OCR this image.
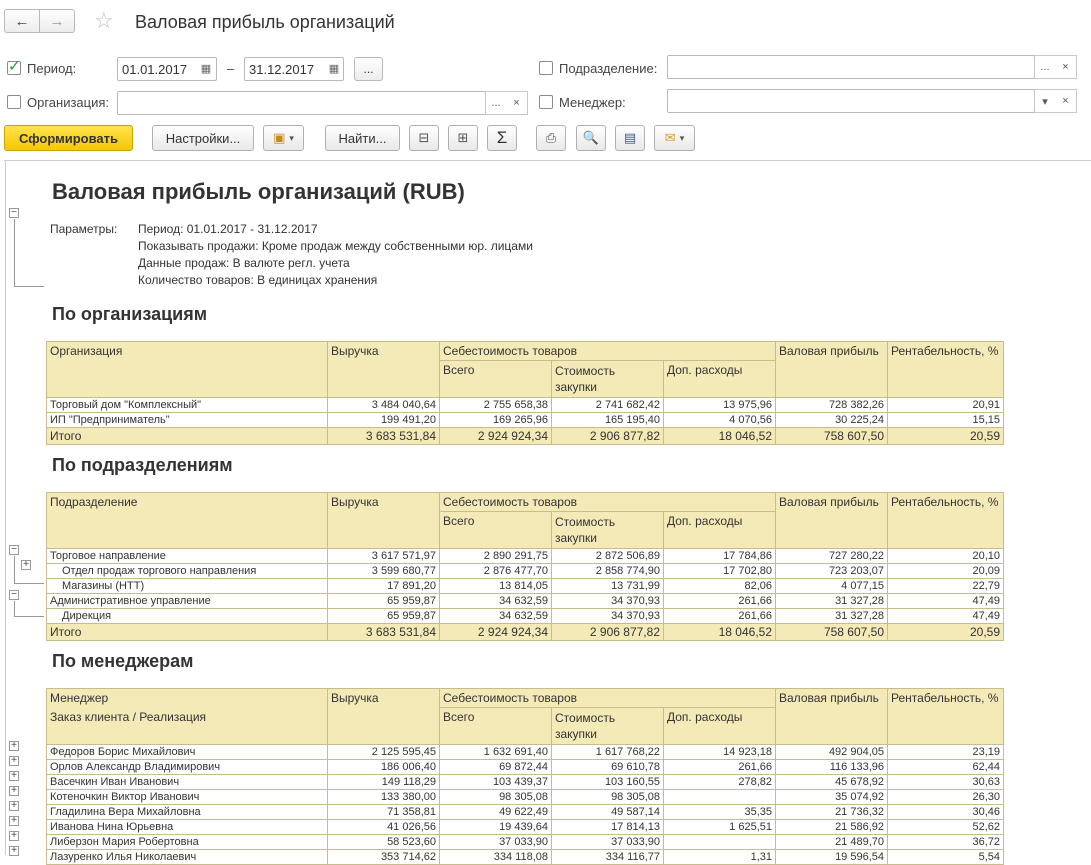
← → ☆ Валовая прибыль организаций
✓
Период:	01.01.2017	▦ –	31.12.2017	▦	...	Подразделение:	...	×
Организация:	...	×	Менеджер:	▾	×
Сформировать	Настройки...	▣ ▾	Найти...	⊟ ⊞	Σ	⎙ 🔍 ▤ ✉ ▾
−
Валовая прибыль организаций (RUB)
Параметры: Период: 01.01.2017 - 31.12.2017
Показывать продажи: Кроме продаж между собственными юр. лицами
Данные продаж: В валюте регл. учета
Количество товаров: В единицах хранения
По организациям
Организация	Выручка	Себестоимость товаров			Валовая прибыль	Рентабельность, %
		Всего	Стоимость закупки	Доп. расходы		
Торговый дом "Комплексный"	3 484 040,64	2 755 658,38	2 741 682,42	13 975,96	728 382,26	20,91
ИП "Предприниматель"	199 491,20	169 265,96	165 195,40	4 070,56	30 225,24	15,15
Итого	3 683 531,84	2 924 924,34	2 906 877,82	18 046,52	758 607,50	20,59
По подразделениям
−
+
−
Подразделение	Выручка	Себестоимость товаров			Валовая прибыль	Рентабельность, %
		Всего	Стоимость закупки	Доп. расходы		
Торговое направление	3 617 571,97	2 890 291,75	2 872 506,89	17 784,86	727 280,22	20,10
Отдел продаж торгового направления	3 599 680,77	2 876 477,70	2 858 774,90	17 702,80	723 203,07	20,09
Магазины (НТТ)	17 891,20	13 814,05	13 731,99	82,06	4 077,15	22,79
Административное управление	65 959,87	34 632,59	34 370,93	261,66	31 327,28	47,49
Дирекция	65 959,87	34 632,59	34 370,93	261,66	31 327,28	47,49
Итого	3 683 531,84	2 924 924,34	2 906 877,82	18 046,52	758 607,50	20,59
По менеджерам
+
+
+
+
+
+
+
+
Менеджер	Выручка	Себестоимость товаров			Валовая прибыль	Рентабельность, %
Заказ клиента / Реализация		Всего	Стоимость закупки	Доп. расходы		

Федоров Борис Михайлович	2 125 595,45	1 632 691,40	1 617 768,22	14 923,18	492 904,05	23,19
Орлов Александр Владимирович	186 006,40	69 872,44	69 610,78	261,66	116 133,96	62,44
Васечкин Иван Иванович	149 118,29	103 439,37	103 160,55	278,82	45 678,92	30,63
Котеночкин Виктор Иванович	133 380,00	98 305,08	98 305,08		35 074,92	26,30
Гладилина Вера Михайловна	71 358,81	49 622,49	49 587,14	35,35	21 736,32	30,46
Иванова Нина Юрьевна	41 026,56	19 439,64	17 814,13	1 625,51	21 586,92	52,62
Либерзон Мария Робертовна	58 523,60	37 033,90	37 033,90		21 489,70	36,72
Лазуренко Илья Николаевич	353 714,62	334 118,08	334 116,77	1,31	19 596,54	5,54
